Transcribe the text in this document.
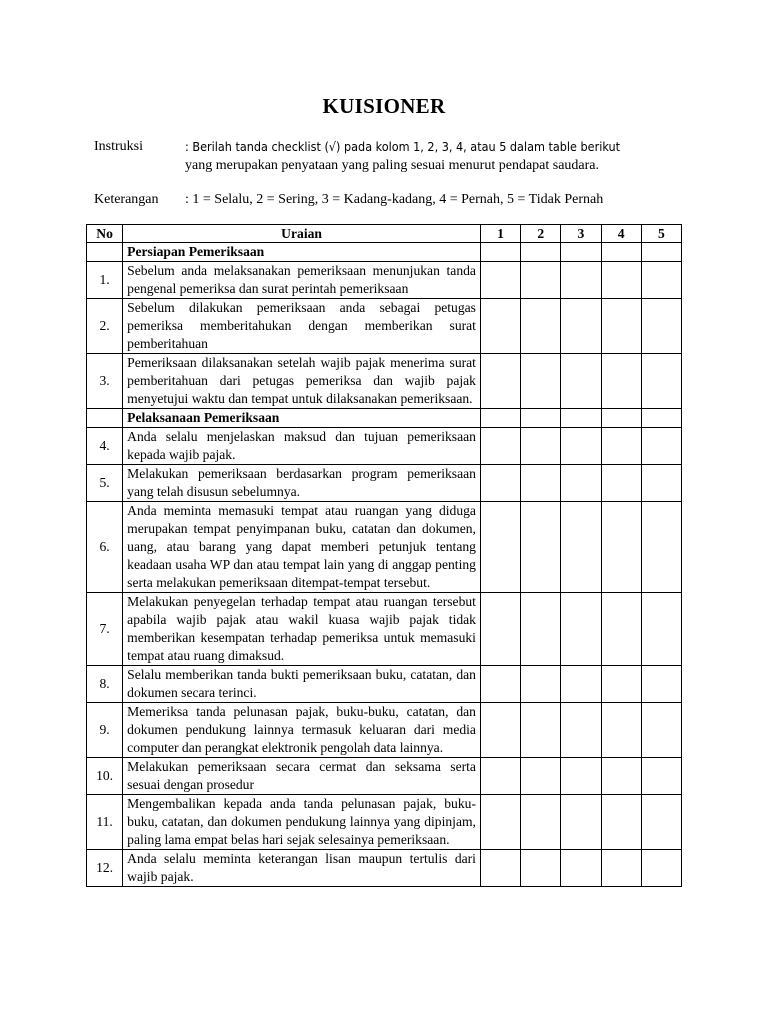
KUISIONER
Instruksi	: Berilah tanda checklist (√) pada kolom 1, 2, 3, 4, atau 5 dalam table berikut
yang merupakan penyataan yang paling sesuai menurut pendapat saudara.
Keterangan : 1 = Selalu, 2 = Sering, 3 = Kadang-kadang, 4 = Pernah, 5 = Tidak Pernah
No	Uraian	1	2	3	4	5
	Persiapan Pemeriksaan					
1.	Sebelum anda melaksanakan pemeriksaan menunjukan tanda pengenal pemeriksa dan surat perintah pemeriksaan					
2.	Sebelum dilakukan pemeriksaan anda sebagai petugas pemeriksa memberitahukan dengan memberikan surat pemberitahuan					
3.	Pemeriksaan dilaksanakan setelah wajib pajak menerima surat pemberitahuan dari petugas pemeriksa dan wajib pajak menyetujui waktu dan tempat untuk dilaksanakan pemeriksaan.					
	Pelaksanaan Pemeriksaan					
4.	Anda selalu menjelaskan maksud dan tujuan pemeriksaan kepada wajib pajak.					
5.	Melakukan pemeriksaan berdasarkan program pemeriksaan yang telah disusun sebelumnya.					
6.	Anda meminta memasuki tempat atau ruangan yang diduga merupakan tempat penyimpanan buku, catatan dan dokumen, uang, atau barang yang dapat memberi petunjuk tentang keadaan usaha WP dan atau tempat lain yang di anggap penting serta melakukan pemeriksaan ditempat-tempat tersebut.					
7.	Melakukan penyegelan terhadap tempat atau ruangan tersebut apabila wajib pajak atau wakil kuasa wajib pajak tidak memberikan kesempatan terhadap pemeriksa untuk memasuki tempat atau ruang dimaksud.					
8.	Selalu memberikan tanda bukti pemeriksaan buku, catatan, dan dokumen secara terinci.					
9.	Memeriksa tanda pelunasan pajak, buku-buku, catatan, dan dokumen pendukung lainnya termasuk keluaran dari media computer dan perangkat elektronik pengolah data lainnya.					
10.	Melakukan pemeriksaan secara cermat dan seksama serta sesuai dengan prosedur					
11.	Mengembalikan kepada anda tanda pelunasan pajak, buku-buku, catatan, dan dokumen pendukung lainnya yang dipinjam, paling lama empat belas hari sejak selesainya pemeriksaan.					
12.	Anda selalu meminta keterangan lisan maupun tertulis dari wajib pajak.					
